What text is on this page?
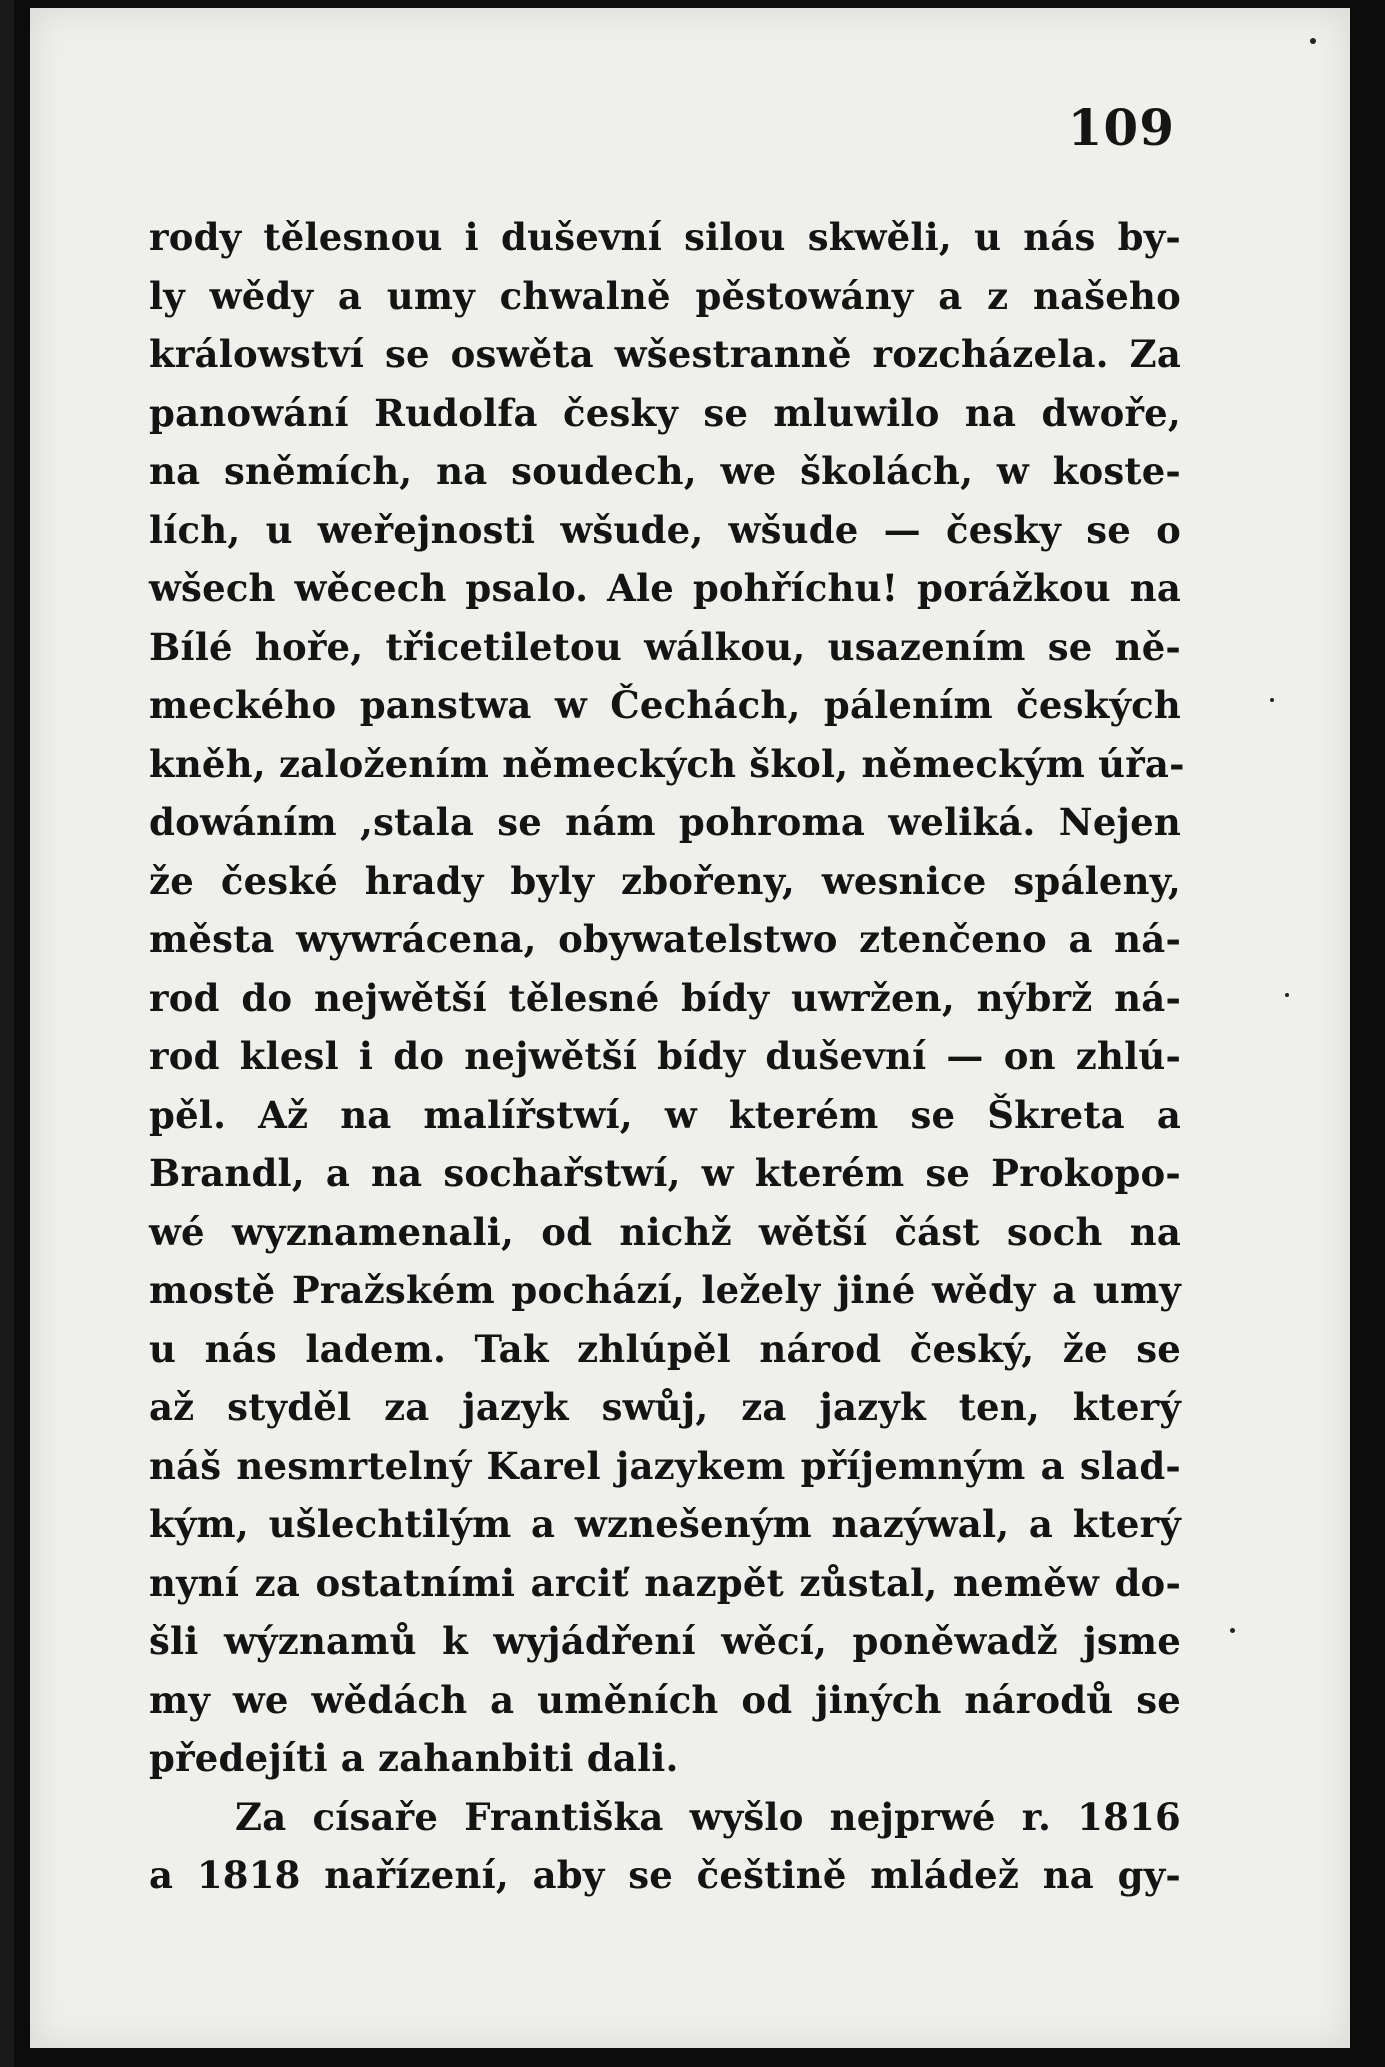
109
rody tělesnou i duševní silou skwěli, u nás by-
ly wědy a umy chwalně pěstowány a z našeho
králowství se oswěta wšestranně rozcházela. Za
panowání Rudolfa česky se mluwilo na dwoře,
na sněmích, na soudech, we školách, w koste-
lích, u weřejnosti wšude, wšude — česky se o
wšech wěcech psalo. Ale pohříchu! porážkou na
Bílé hoře, třicetiletou wálkou, usazením se ně-
meckého panstwa w Čechách, pálením českých
kněh, založením německých škol, německým úřa-
dowáním ,stala se nám pohroma weliká. Nejen
že české hrady byly zbořeny, wesnice spáleny,
města wywrácena, obywatelstwo ztenčeno a ná-
rod do nejwětší tělesné bídy uwržen, nýbrž ná-
rod klesl i do nejwětší bídy duševní — on zhlú-
pěl. Až na malířstwí, w kterém se Škreta a
Brandl, a na sochařstwí, w kterém se Prokopo-
wé wyznamenali, od nichž wětší část soch na
mostě Pražském pochází, ležely jiné wědy a umy
u nás ladem. Tak zhlúpěl národ český, že se
až styděl za jazyk swůj, za jazyk ten, který
náš nesmrtelný Karel jazykem příjemným a slad-
kým, ušlechtilým a wznešeným nazýwal, a který
nyní za ostatními arciť nazpět zůstal, neměw do-
šli wýznamů k wyjádření wěcí, poněwadž jsme
my we wědách a uměních od jiných národů se
předejíti a zahanbiti dali.
Za císaře Františka wyšlo nejprwé r. 1816
a 1818 nařízení, aby se češtině mládež na gy-
